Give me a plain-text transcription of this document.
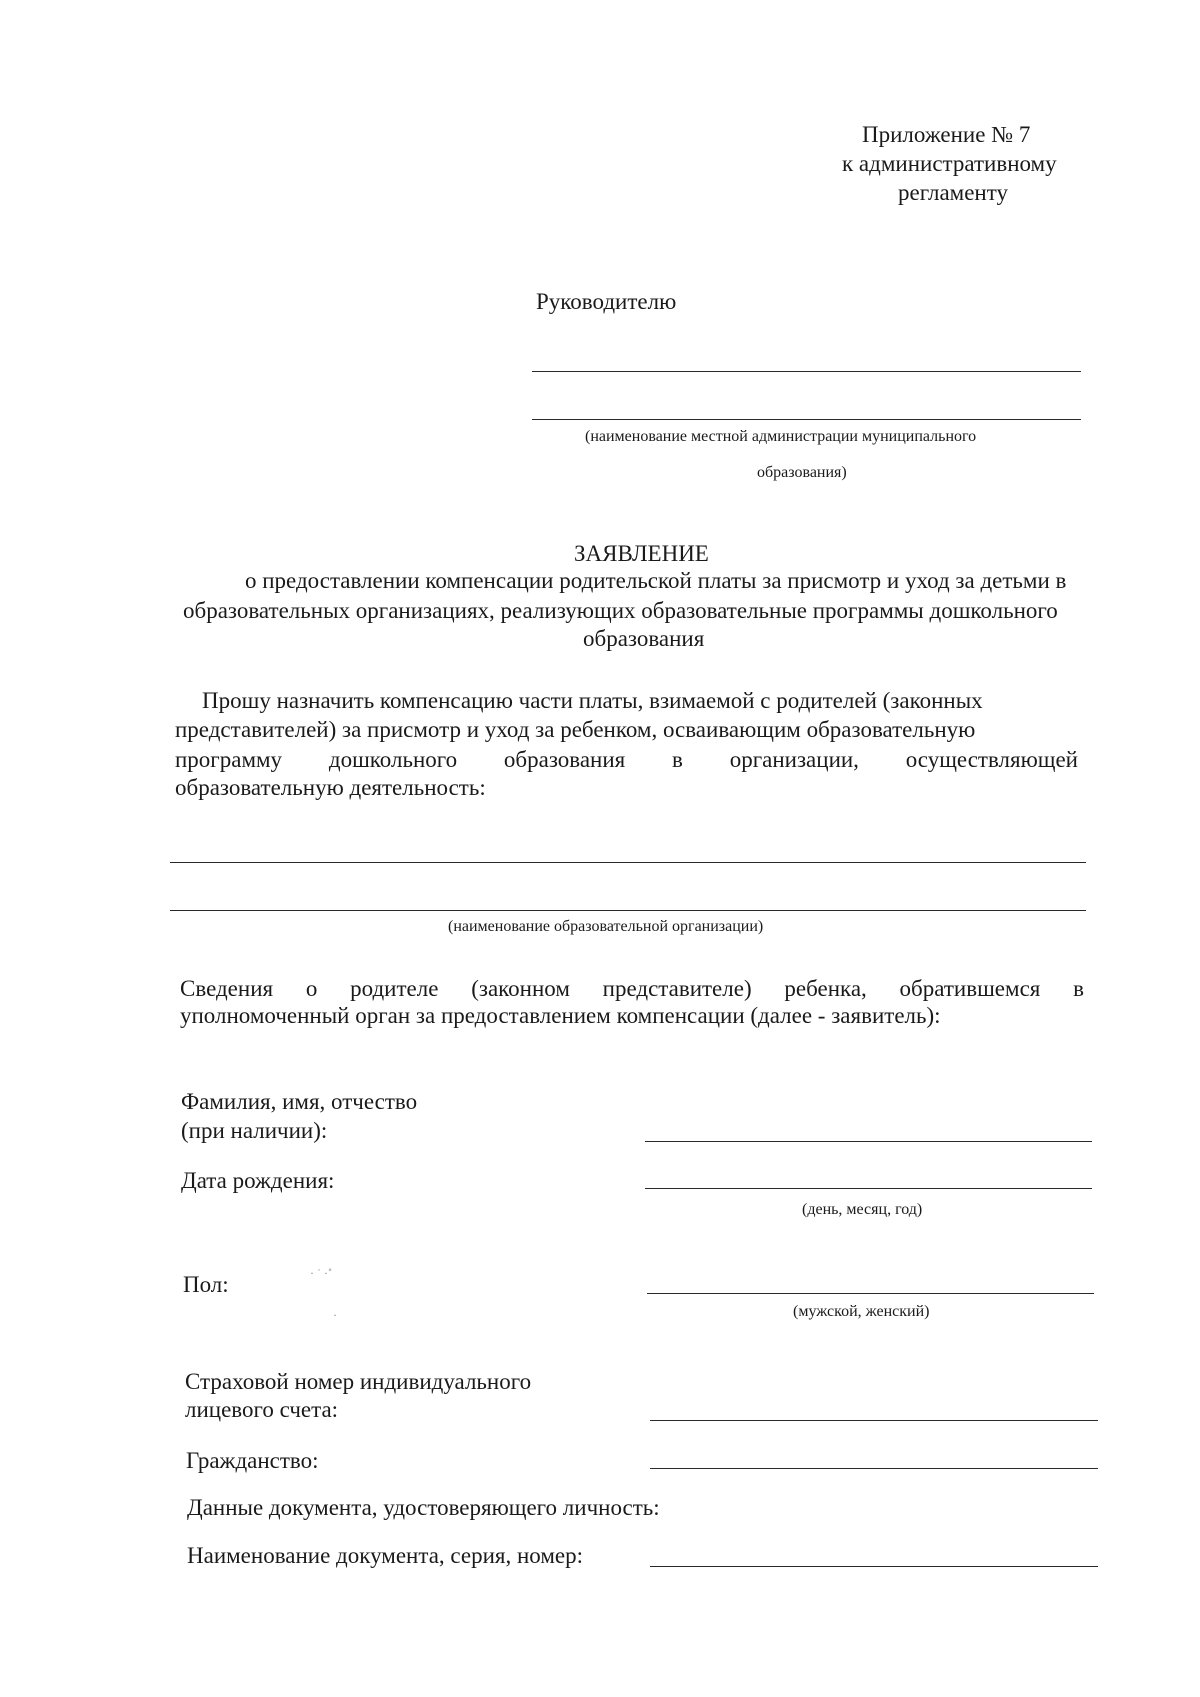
Приложение № 7
к административному
регламенту
Руководителю
(наименование местной администрации муниципального
образования)
ЗАЯВЛЕНИЕ
о предоставлении компенсации родительской платы за присмотр и уход за детьми в
образовательных организациях, реализующих образовательные программы дошкольного
образования
Прошу назначить компенсацию части платы, взимаемой с родителей (законных
представителей) за присмотр и уход за ребенком, осваивающим образовательную
программу дошкольного образования в организации, осуществляющей
образовательную деятельность:
(наименование образовательной организации)
Сведения о родителе (законном представителе) ребенка, обратившемся в
уполномоченный орган за предоставлением компенсации (далее - заявитель):
Фамилия, имя, отчество
(при наличии):
Дата рождения:
(день, месяц, год)
Пол:
(мужской, женский)
Страховой номер индивидуального
лицевого счета:
Гражданство:
Данные документа, удостоверяющего личность:
Наименование документа, серия, номер:
· ˙ ·˚
·
